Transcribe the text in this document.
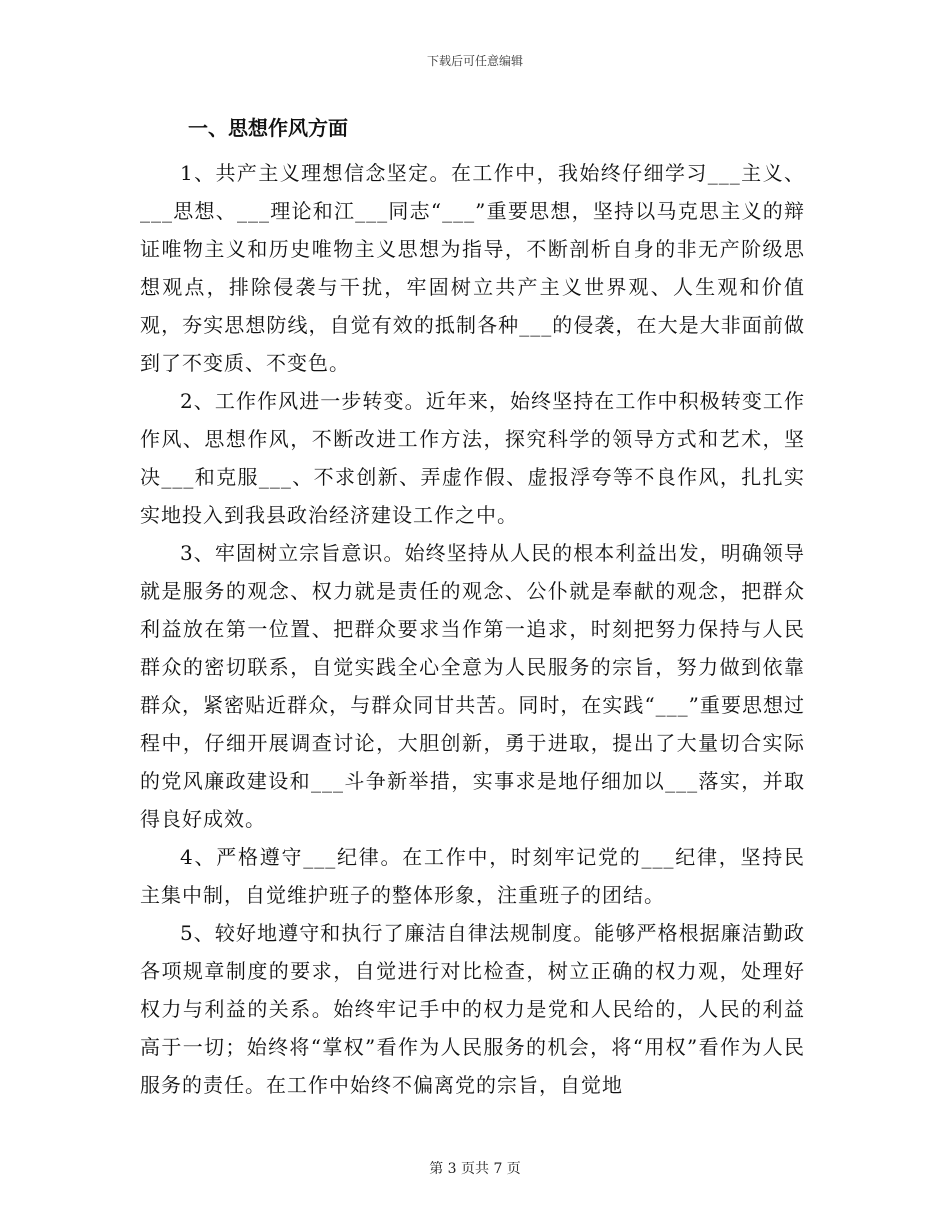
下载后可任意编辑
一、思想作风方面

1、共产主义理想信念坚定。在工作中，我始终仔细学习___主义、___思想、___理论和江___同志“___”重要思想，坚持以马克思主义的辩证唯物主义和历史唯物主义思想为指导，不断剖析自身的非无产阶级思想观点，排除侵袭与干扰，牢固树立共产主义世界观、人生观和价值观，夯实思想防线，自觉有效的抵制各种___的侵袭，在大是大非面前做到了不变质、不变色。

2、工作作风进一步转变。近年来，始终坚持在工作中积极转变工作作风、思想作风，不断改进工作方法，探究科学的领导方式和艺术，坚决___和克服___、不求创新、弄虚作假、虚报浮夸等不良作风，扎扎实实地投入到我县政治经济建设工作之中。

3、牢固树立宗旨意识。始终坚持从人民的根本利益出发，明确领导就是服务的观念、权力就是责任的观念、公仆就是奉献的观念，把群众利益放在第一位置、把群众要求当作第一追求，时刻把努力保持与人民群众的密切联系，自觉实践全心全意为人民服务的宗旨，努力做到依靠群众，紧密贴近群众，与群众同甘共苦。同时，在实践“___”重要思想过程中，仔细开展调查讨论，大胆创新，勇于进取，提出了大量切合实际的党风廉政建设和___斗争新举措，实事求是地仔细加以___落实，并取得良好成效。

4、严格遵守___纪律。在工作中，时刻牢记党的___纪律，坚持民主集中制，自觉维护班子的整体形象，注重班子的团结。

5、较好地遵守和执行了廉洁自律法规制度。能够严格根据廉洁勤政各项规章制度的要求，自觉进行对比检查，树立正确的权力观，处理好权力与利益的关系。始终牢记手中的权力是党和人民给的，人民的利益高于一切；始终将“掌权”看作为人民服务的机会，将“用权”看作为人民服务的责任。在工作中始终不偏离党的宗旨，自觉地

第 3 页共 7 页
